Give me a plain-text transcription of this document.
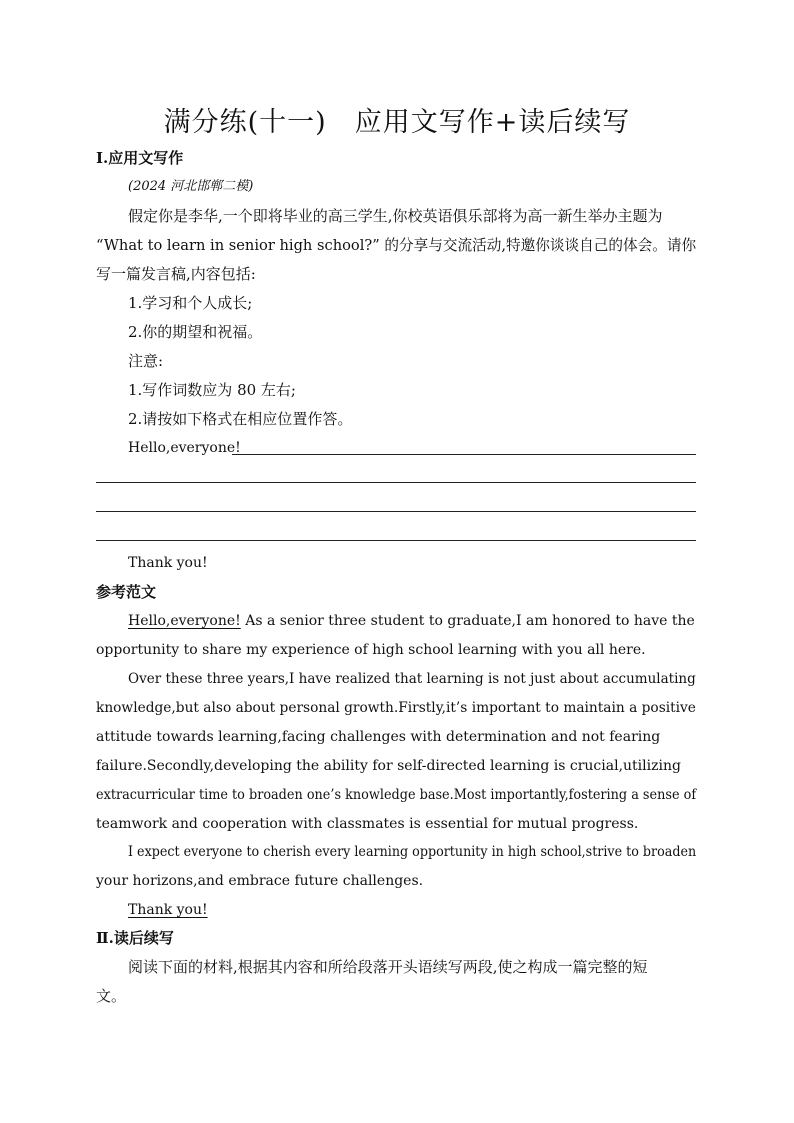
满分练(十一)　应用文写作+读后续写
Ⅰ.应用文写作
(2024 河北邯郸二模)
假定你是李华,一个即将毕业的高三学生,你校英语俱乐部将为高一新生举办主题为
“What to learn in senior high school?” 的分享与交流活动,特邀你谈谈自己的体会。请你
写一篇发言稿,内容包括:
1.学习和个人成长;
2.你的期望和祝福。
注意:
1.写作词数应为 80 左右;
2.请按如下格式在相应位置作答。
Hello,everyone!
Thank you!
参考范文
Hello,everyone! As a senior three student to graduate,I am honored to have the
opportunity to share my experience of high school learning with you all here.
Over these three years,I have realized that learning is not just about accumulating
knowledge,but also about personal growth.Firstly,it’s important to maintain a positive
attitude towards learning,facing challenges with determination and not fearing
failure.Secondly,developing the ability for self-directed learning is crucial,utilizing
extracurricular time to broaden one’s knowledge base.Most importantly,fostering a sense of
teamwork and cooperation with classmates is essential for mutual progress.
I expect everyone to cherish every learning opportunity in high school,strive to broaden
your horizons,and embrace future challenges.
Thank you!
Ⅱ.读后续写
阅读下面的材料,根据其内容和所给段落开头语续写两段,使之构成一篇完整的短
文。
